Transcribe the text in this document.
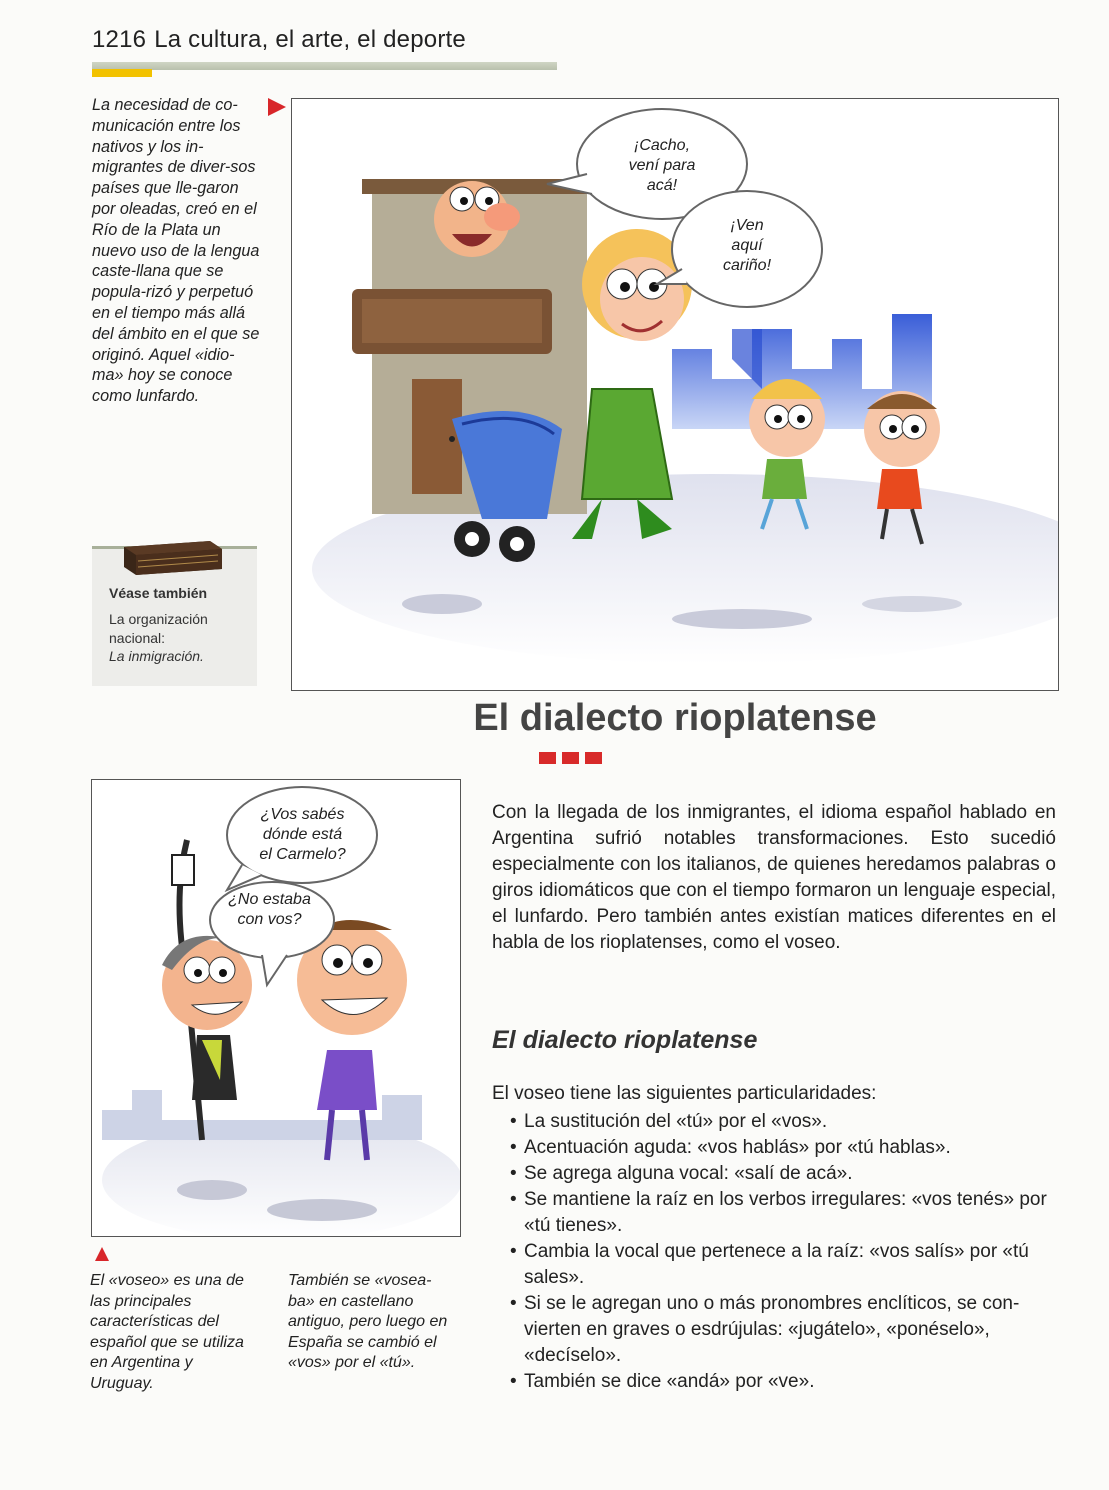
1216 La cultura, el arte, el deporte
La necesidad de co-municación entre los nativos y los in-migrantes de diver-sos países que lle-garon por oleadas, creó en el Río de la Plata un nuevo uso de la lengua caste-llana que se popula-rizó y perpetuó en el tiempo más allá del ámbito en el que se originó. Aquel «idio-ma» hoy se conoce como lunfardo.
Véase también
La organización nacional:
La inmigración.
¡Cacho,
vení para
acá!
¡Ven
aquí
cariño!
El dialecto rioplatense
¿Vos sabés
dónde está
el Carmelo?
¿No estaba
con vos?
El «voseo» es una de las principales características del español que se utiliza en Argentina y Uruguay.
También se «vosea-ba» en castellano antiguo, pero luego en España se cambió el «vos» por el «tú».
Con la llegada de los inmigrantes, el idioma español hablado en Argentina sufrió notables transformaciones. Esto sucedió especialmente con los italianos, de quienes heredamos palabras o giros idiomáticos que con el tiempo formaron un lenguaje especial, el lunfardo. Pero también antes existían matices diferentes en el habla de los rioplatenses, como el voseo.
El dialecto rioplatense
El voseo tiene las siguientes particularidades:
• La sustitución del «tú» por el «vos».
• Acentuación aguda: «vos hablás» por «tú hablas».
• Se agrega alguna vocal: «salí de acá».
• Se mantiene la raíz en los verbos irregulares: «vos tenés» por «tú tienes».
• Cambia la vocal que pertenece a la raíz: «vos salís» por «tú sales».
• Si se le agregan uno o más pronombres enclíticos, se con-vierten en graves o esdrújulas: «jugátelo», «ponéselo», «decíselo».
• También se dice «andá» por «ve».
